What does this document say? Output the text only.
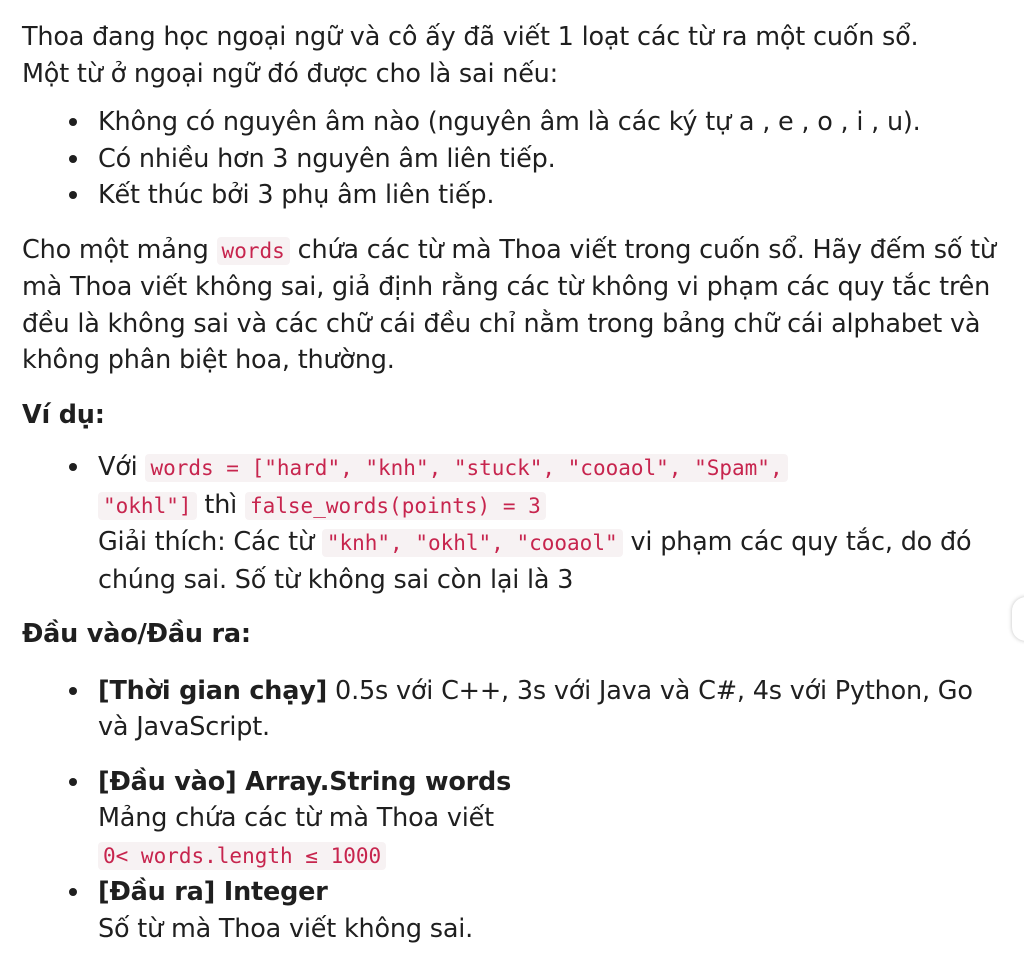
Thoa đang học ngoại ngữ và cô ấy đã viết 1 loạt các từ ra một cuốn sổ.
Một từ ở ngoại ngữ đó được cho là sai nếu:

Không có nguyên âm nào (nguyên âm là các ký tự a , e , o , i , u).
Có nhiều hơn 3 nguyên âm liên tiếp.
Kết thúc bởi 3 phụ âm liên tiếp.

Cho một mảng words chứa các từ mà Thoa viết trong cuốn sổ. Hãy đếm số từ mà Thoa viết không sai, giả định rằng các từ không vi phạm các quy tắc trên đều là không sai và các chữ cái đều chỉ nằm trong bảng chữ cái alphabet và không phân biệt hoa, thường.

Ví dụ:

Với words = ["hard", "knh", "stuck", "cooaol", "Spam",
"okhl"] thì false_words(points) = 3
Giải thích: Các từ "knh", "okhl", "cooaol" vi phạm các quy tắc, do đó chúng sai. Số từ không sai còn lại là 3

Đầu vào/Đầu ra:

[Thời gian chạy] 0.5s với C++, 3s với Java và C#, 4s với Python, Go và JavaScript.
[Đầu vào] Array.String words
Mảng chứa các từ mà Thoa viết
0< words.length ≤ 1000
[Đầu ra] Integer
Số từ mà Thoa viết không sai.
